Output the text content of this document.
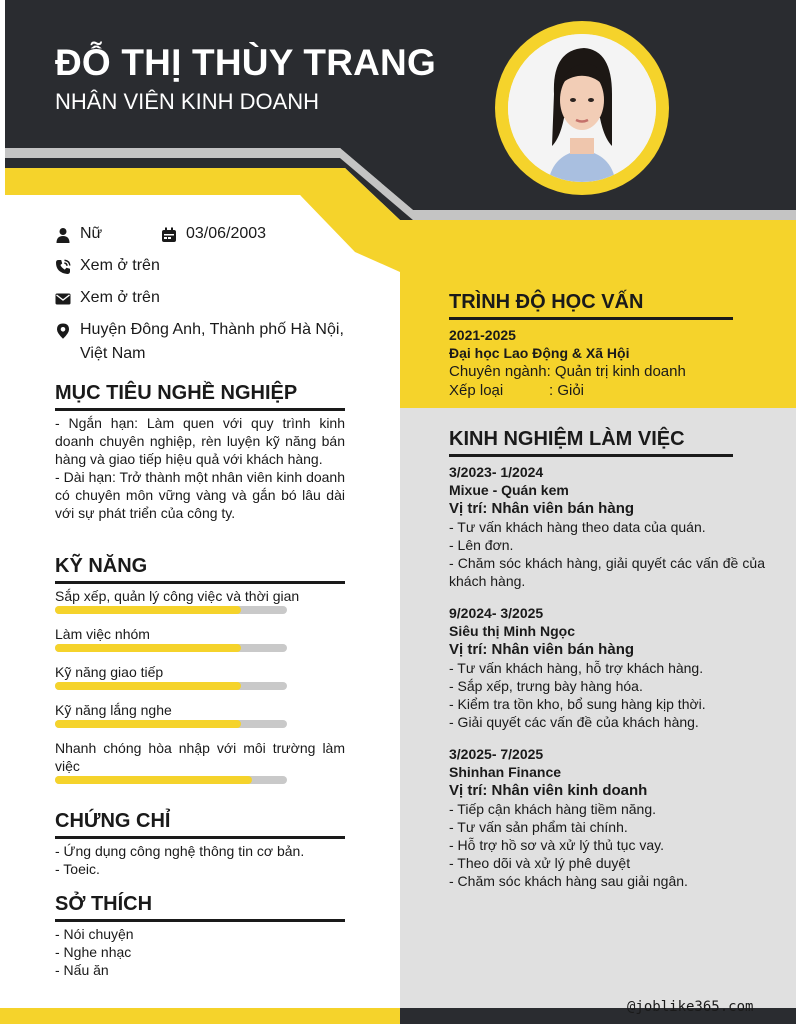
ĐỖ THỊ THÙY TRANG
NHÂN VIÊN KINH DOANH
Nữ	03/06/2003
Xem ở trên
Xem ở trên
Huyện Đông Anh, Thành phố Hà Nội, Việt Nam
MỤC TIÊU NGHỀ NGHIỆP
- Ngắn hạn: Làm quen với quy trình kinh doanh chuyên nghiệp, rèn luyện kỹ năng bán hàng và giao tiếp hiệu quả với khách hàng.
- Dài hạn: Trở thành một nhân viên kinh doanh có chuyên môn vững vàng và gắn bó lâu dài với sự phát triển của công ty.
KỸ NĂNG
Sắp xếp, quản lý công việc và thời gian
Làm việc nhóm
Kỹ năng giao tiếp
Kỹ năng lắng nghe
Nhanh chóng hòa nhập với môi trường làm việc
CHỨNG CHỈ
- Ứng dụng công nghệ thông tin cơ bản.
- Toeic.
SỞ THÍCH
- Nói chuyện
- Nghe nhạc
- Nấu ăn
TRÌNH ĐỘ HỌC VẤN
2021-2025
Đại học Lao Động & Xã Hội
Chuyên ngành: Quản trị kinh doanh
Xếp loại	: Giỏi
KINH NGHIỆM LÀM VIỆC
3/2023- 1/2024
Mixue - Quán kem
Vị trí: Nhân viên bán hàng
- Tư vấn khách hàng theo data của quán.
- Lên đơn.
- Chăm sóc khách hàng, giải quyết các vấn đề của khách hàng.
9/2024- 3/2025
Siêu thị Minh Ngọc
Vị trí: Nhân viên bán hàng
- Tư vấn khách hàng, hỗ trợ khách hàng.
- Sắp xếp, trưng bày hàng hóa.
- Kiểm tra tồn kho, bổ sung hàng kịp thời.
- Giải quyết các vấn đề của khách hàng.
3/2025- 7/2025
Shinhan Finance
Vị trí: Nhân viên kinh doanh
- Tiếp cận khách hàng tiềm năng.
- Tư vấn sản phẩm tài chính.
- Hỗ trợ hồ sơ và xử lý thủ tục vay.
- Theo dõi và xử lý phê duyệt
- Chăm sóc khách hàng sau giải ngân.
@joblike365.com
